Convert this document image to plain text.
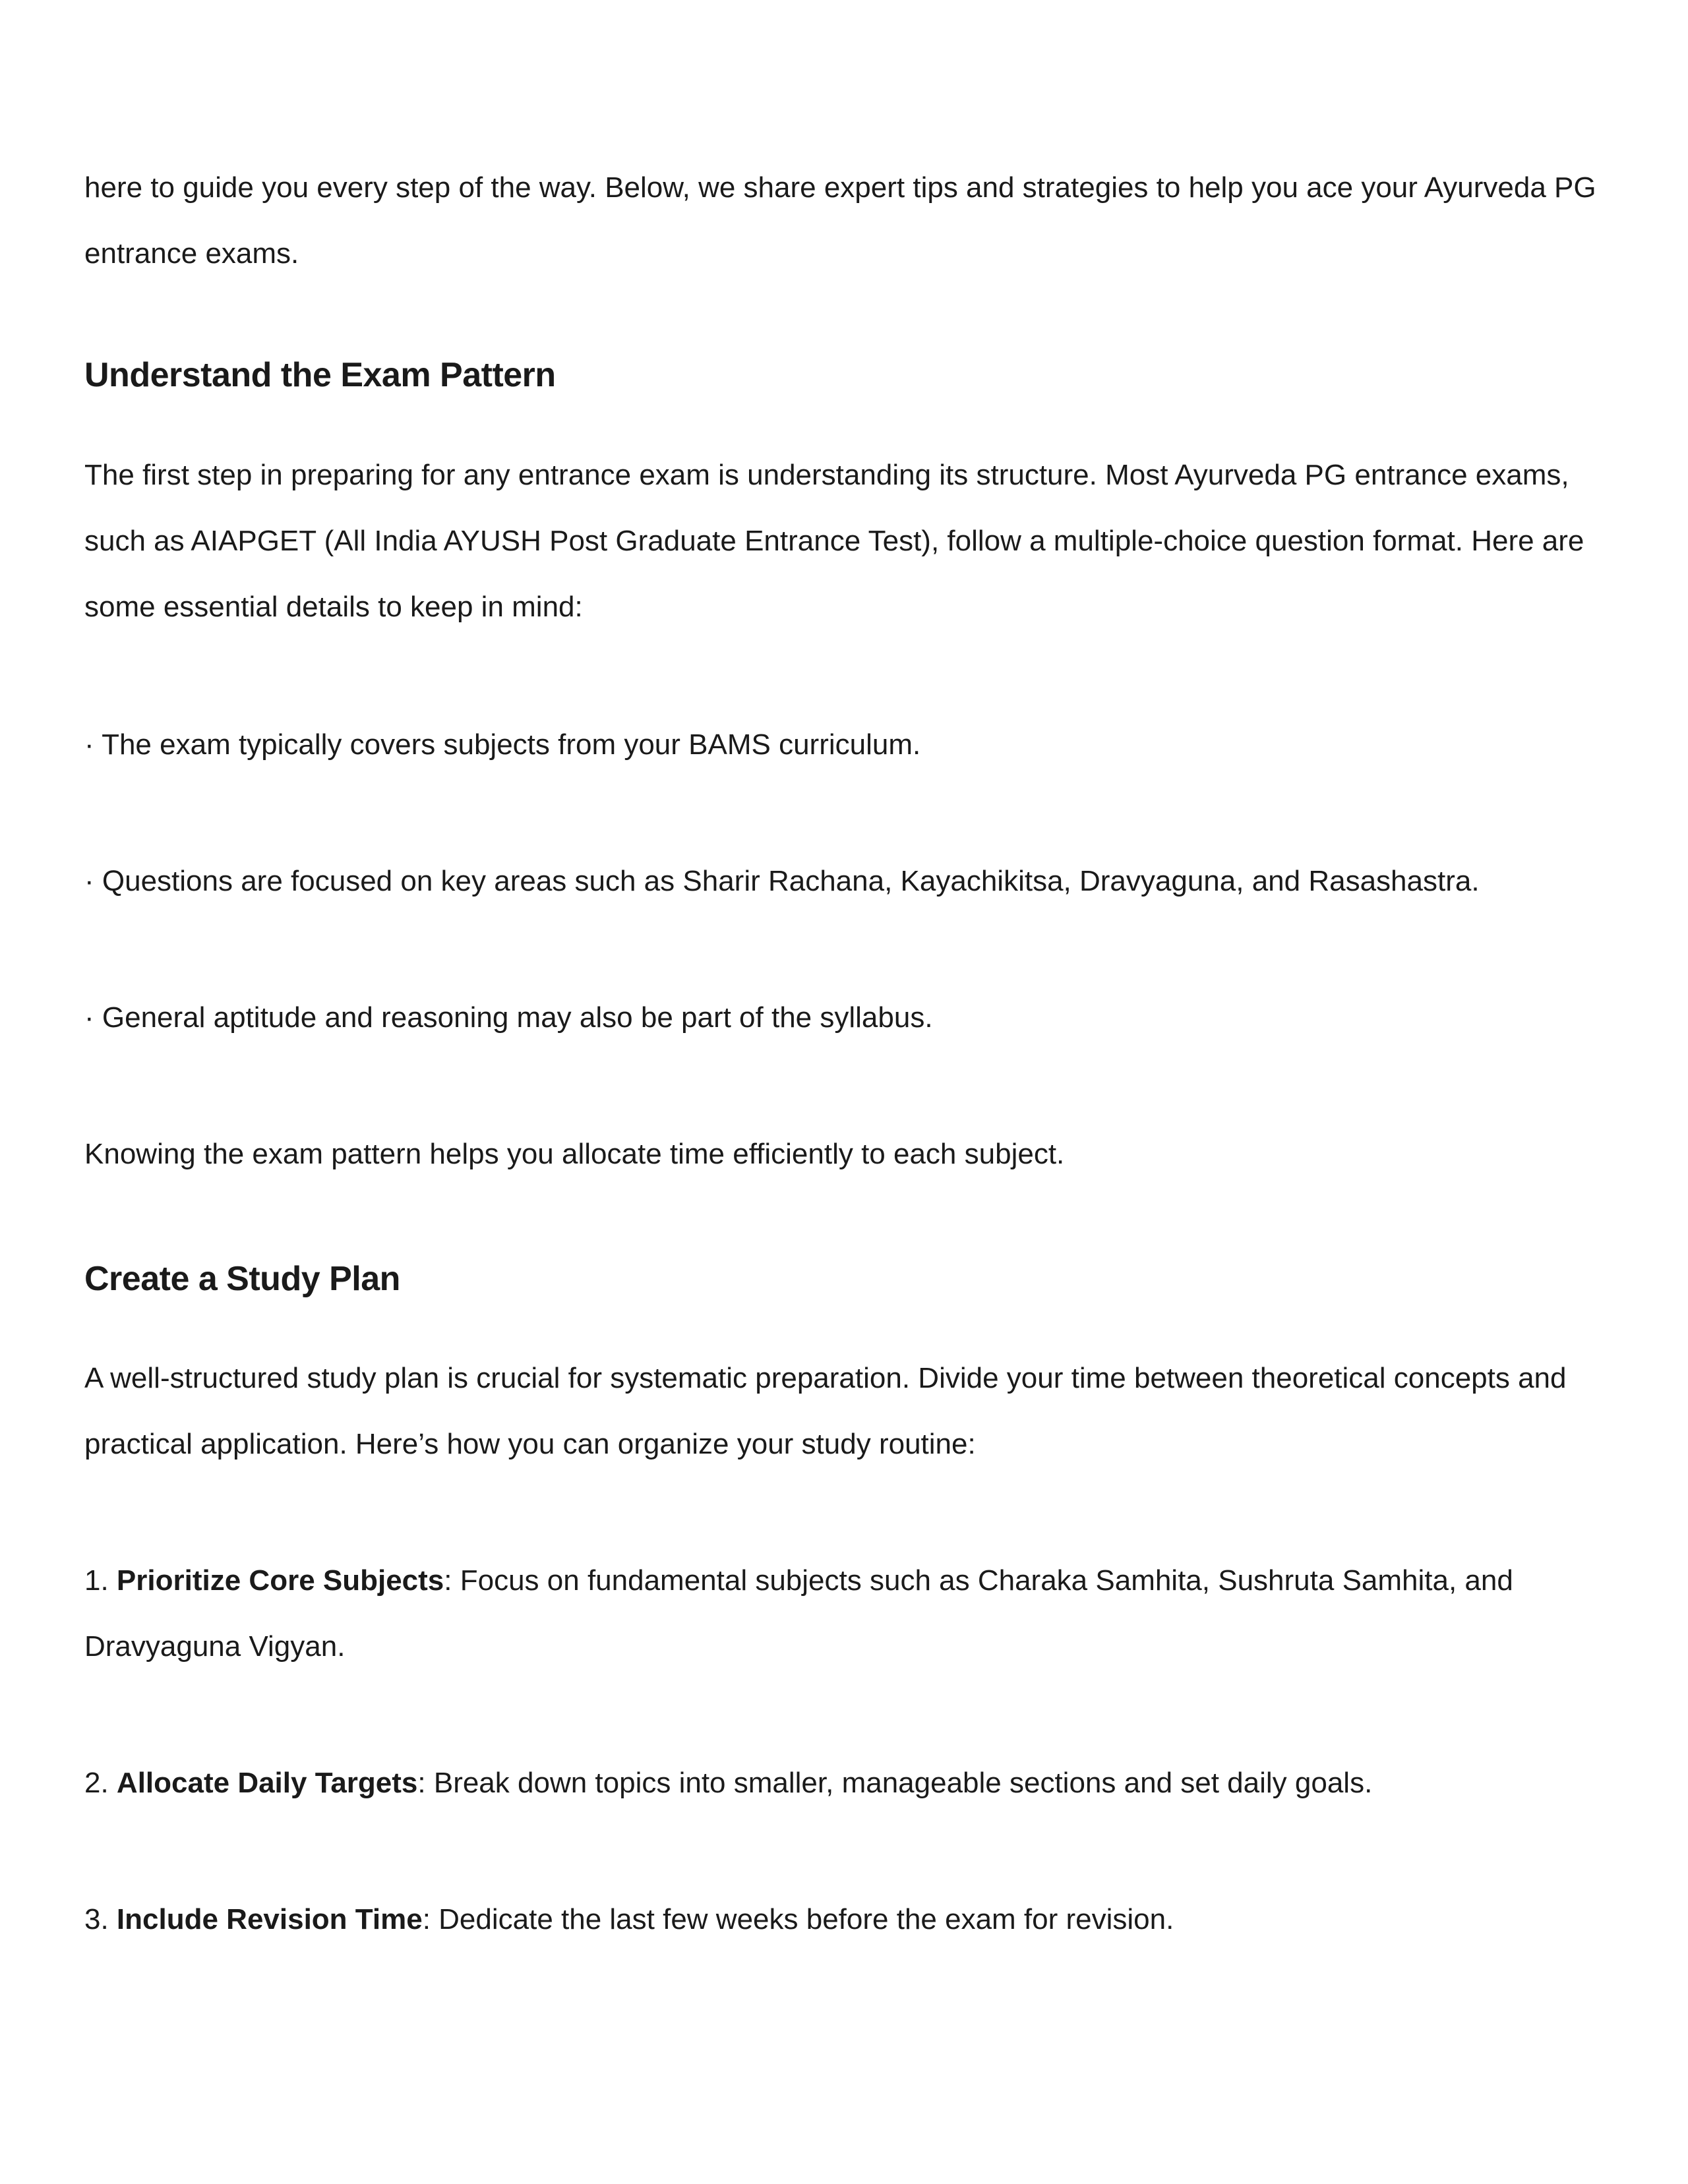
here to guide you every step of the way. Below, we share expert tips and strategies to help you ace your Ayurveda PG entrance exams.

Understand the Exam Pattern

The first step in preparing for any entrance exam is understanding its structure. Most Ayurveda PG entrance exams, such as AIAPGET (All India AYUSH Post Graduate Entrance Test), follow a multiple-choice question format. Here are some essential details to keep in mind:

· The exam typically covers subjects from your BAMS curriculum.

· Questions are focused on key areas such as Sharir Rachana, Kayachikitsa, Dravyaguna, and Rasashastra.

· General aptitude and reasoning may also be part of the syllabus.

Knowing the exam pattern helps you allocate time efficiently to each subject.

Create a Study Plan

A well-structured study plan is crucial for systematic preparation. Divide your time between theoretical concepts and practical application. Here’s how you can organize your study routine:

1. Prioritize Core Subjects: Focus on fundamental subjects such as Charaka Samhita, Sushruta Samhita, and Dravyaguna Vigyan.

2. Allocate Daily Targets: Break down topics into smaller, manageable sections and set daily goals.

3. Include Revision Time: Dedicate the last few weeks before the exam for revision.
